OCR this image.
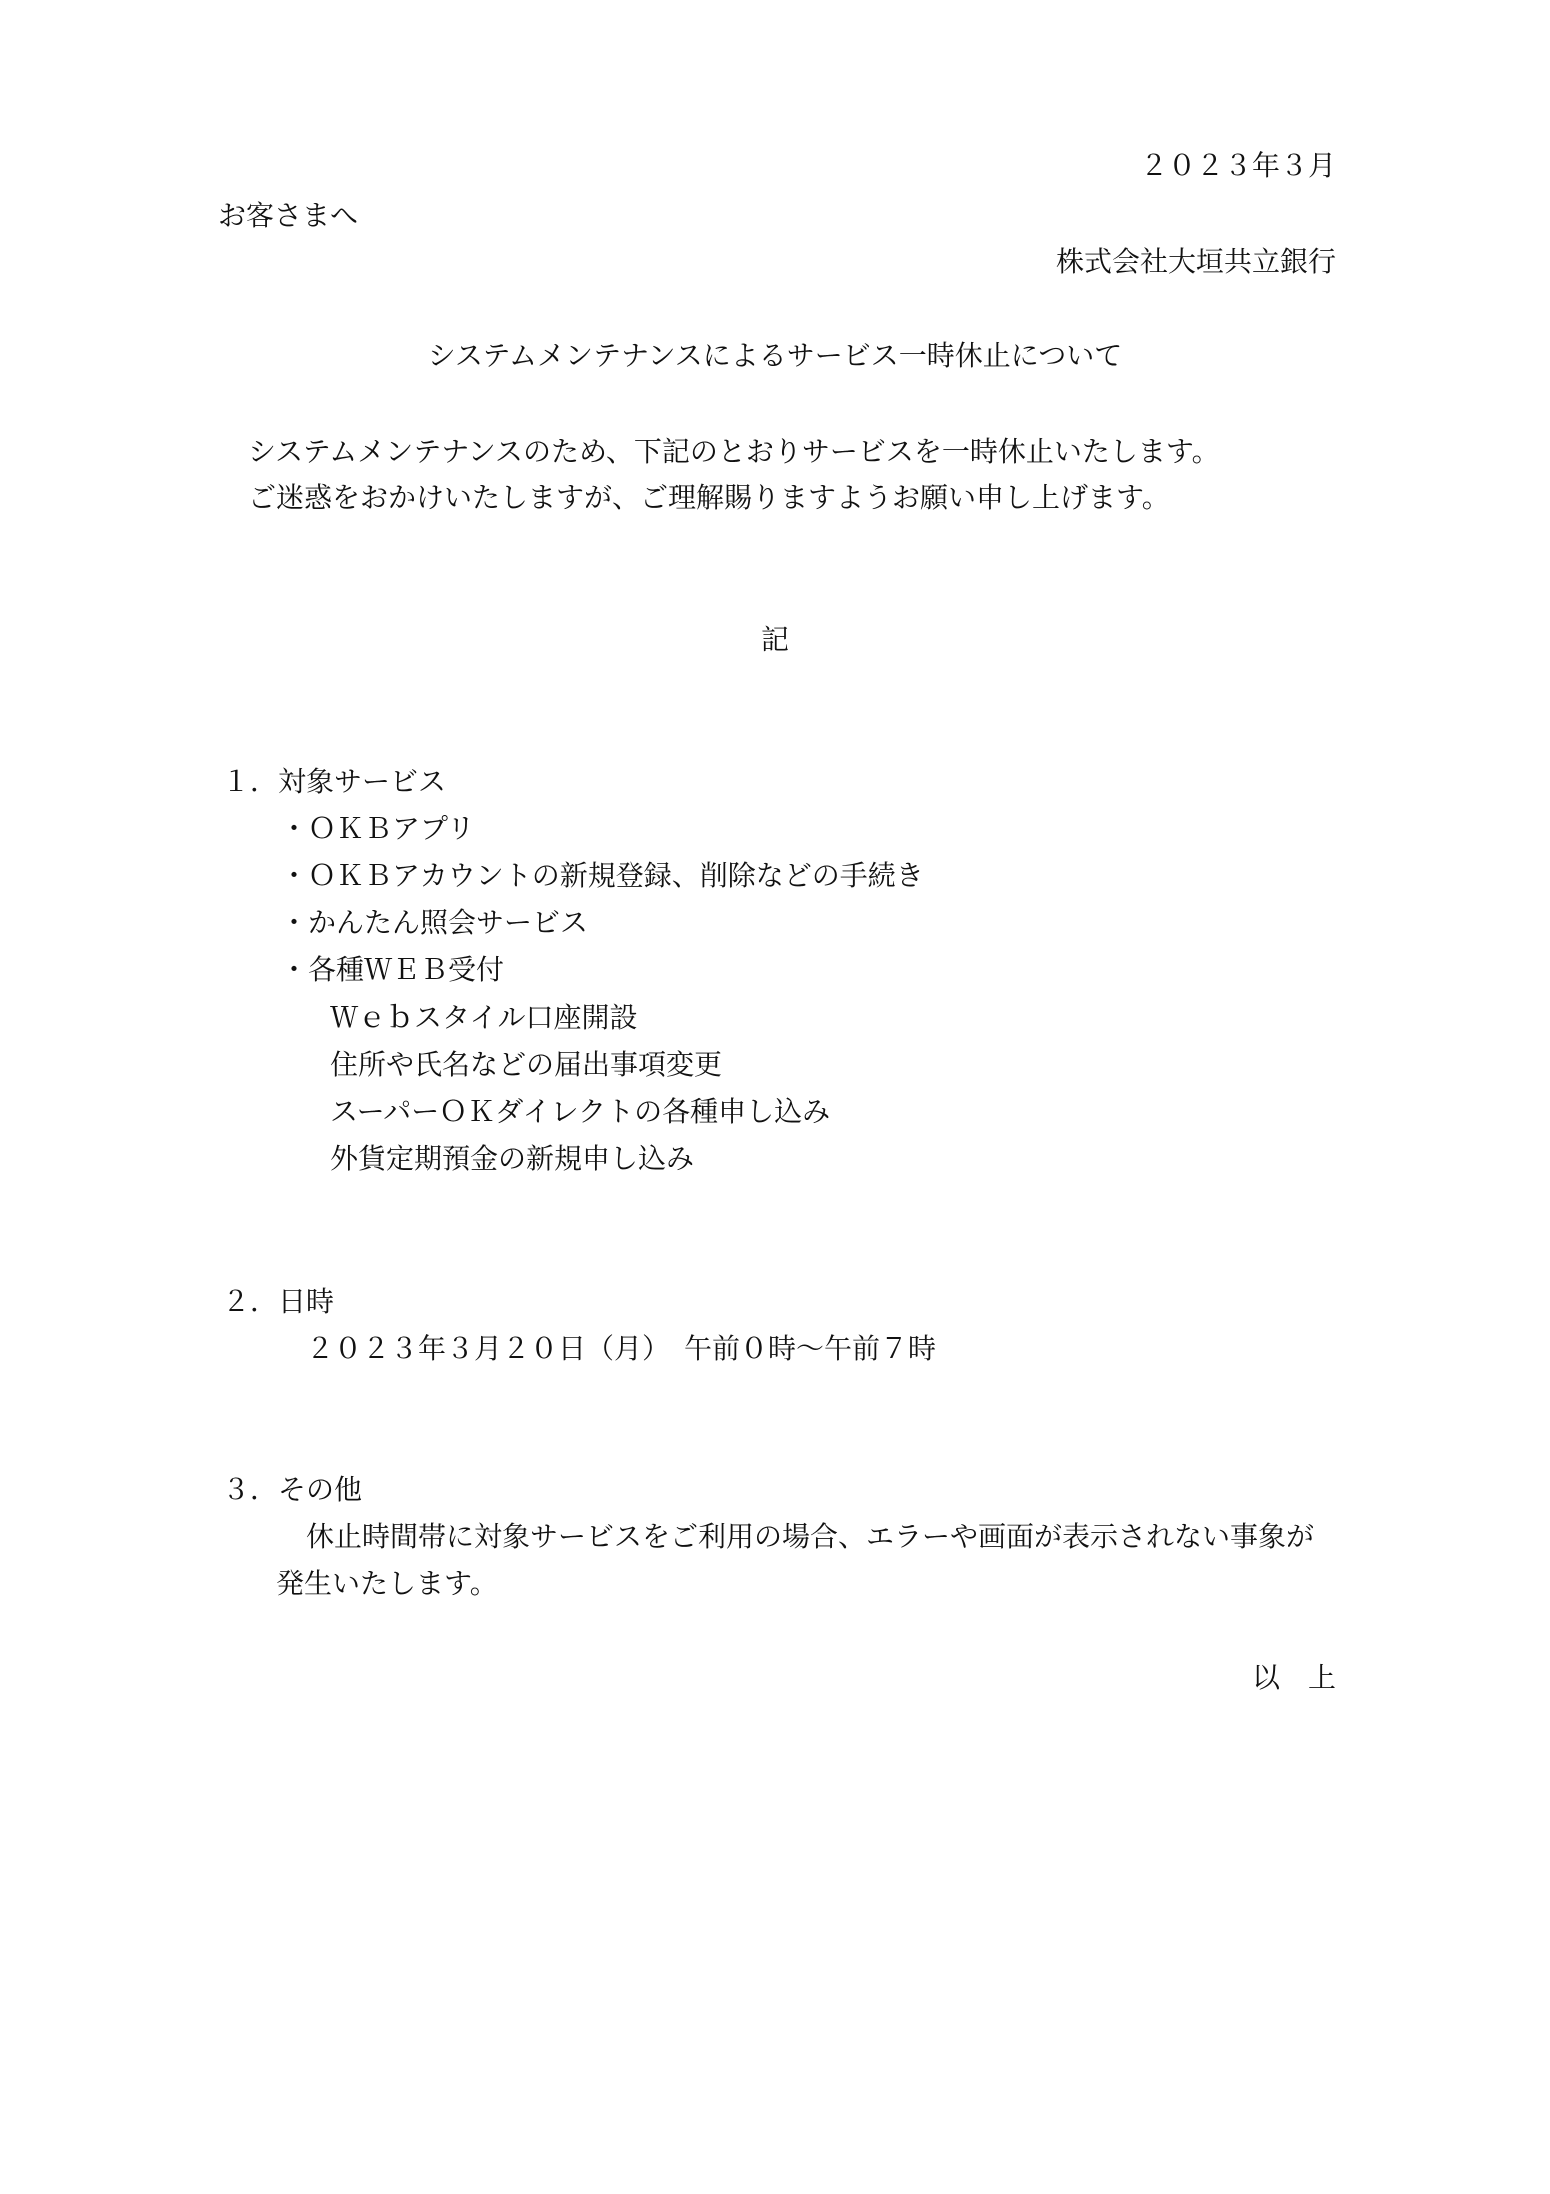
２０２３年３月
お客さまへ
株式会社大垣共立銀行
システムメンテナンスによるサービス一時休止について
システムメンテナンスのため、下記のとおりサービスを一時休止いたします。
ご迷惑をおかけいたしますが、ご理解賜りますようお願い申し上げます。
記
１．対象サービス
・ＯＫＢアプリ
・ＯＫＢアカウントの新規登録、削除などの手続き
・かんたん照会サービス
・各種ＷＥＢ受付
Ｗｅｂスタイル口座開設
住所や氏名などの届出事項変更
スーパーＯＫダイレクトの各種申し込み
外貨定期預金の新規申し込み
２．日時
２０２３年３月２０日（月）　午前０時～午前７時
３．その他
休止時間帯に対象サービスをご利用の場合、エラーや画面が表示されない事象が
発生いたします。
以　上
